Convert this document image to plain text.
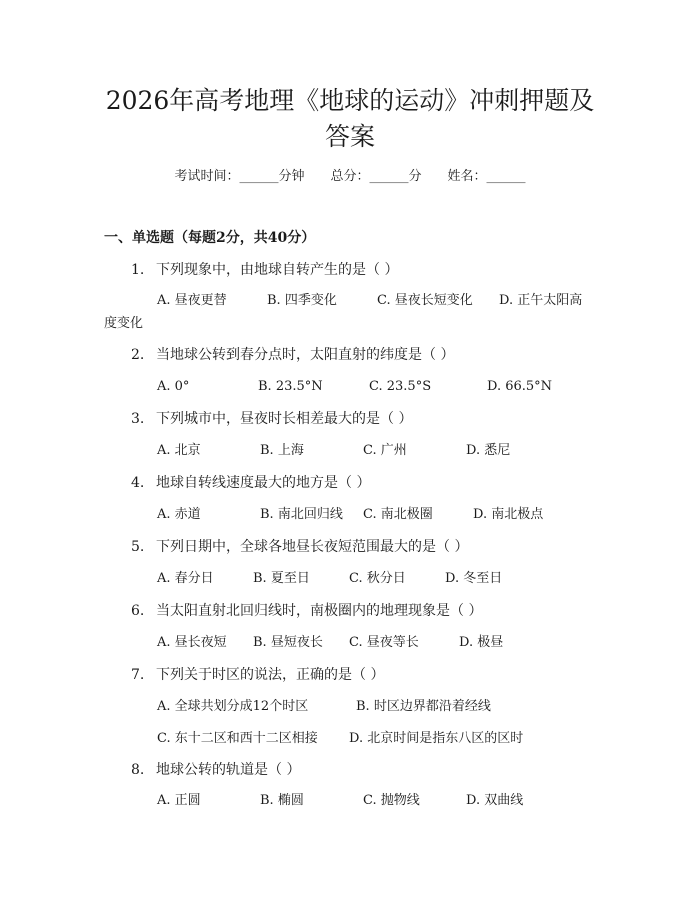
2026年高考地理《地球的运动》冲刺押题及
答案
考试时间：______分钟 总分：______分 姓名：______
一、单选题（每题2分，共40分）
1. 下列现象中，由地球自转产生的是（ ）
A. 昼夜更替	B. 四季变化	C. 昼夜长短变化 D. 正午太阳高
度变化
2. 当地球公转到春分点时，太阳直射的纬度是（ ）
A. 0°	B. 23.5°N	C. 23.5°S	D. 66.5°N
3. 下列城市中，昼夜时长相差最大的是（ ）
A. 北京	B. 上海	C. 广州	D. 悉尼
4. 地球自转线速度最大的地方是（ ）
A. 赤道	B. 南北回归线 C. 南北极圈	D. 南北极点
5. 下列日期中，全球各地昼长夜短范围最大的是（ ）
A. 春分日	B. 夏至日	C. 秋分日	D. 冬至日
6. 当太阳直射北回归线时，南极圈内的地理现象是（ ）
A. 昼长夜短 B. 昼短夜长 C. 昼夜等长	D. 极昼
7. 下列关于时区的说法，正确的是（ ）
A. 全球共划分成12个时区	B. 时区边界都沿着经线
C. 东十二区和西十二区相接 D. 北京时间是指东八区的区时
8. 地球公转的轨道是（ ）
A. 正圆	B. 椭圆	C. 抛物线	D. 双曲线
